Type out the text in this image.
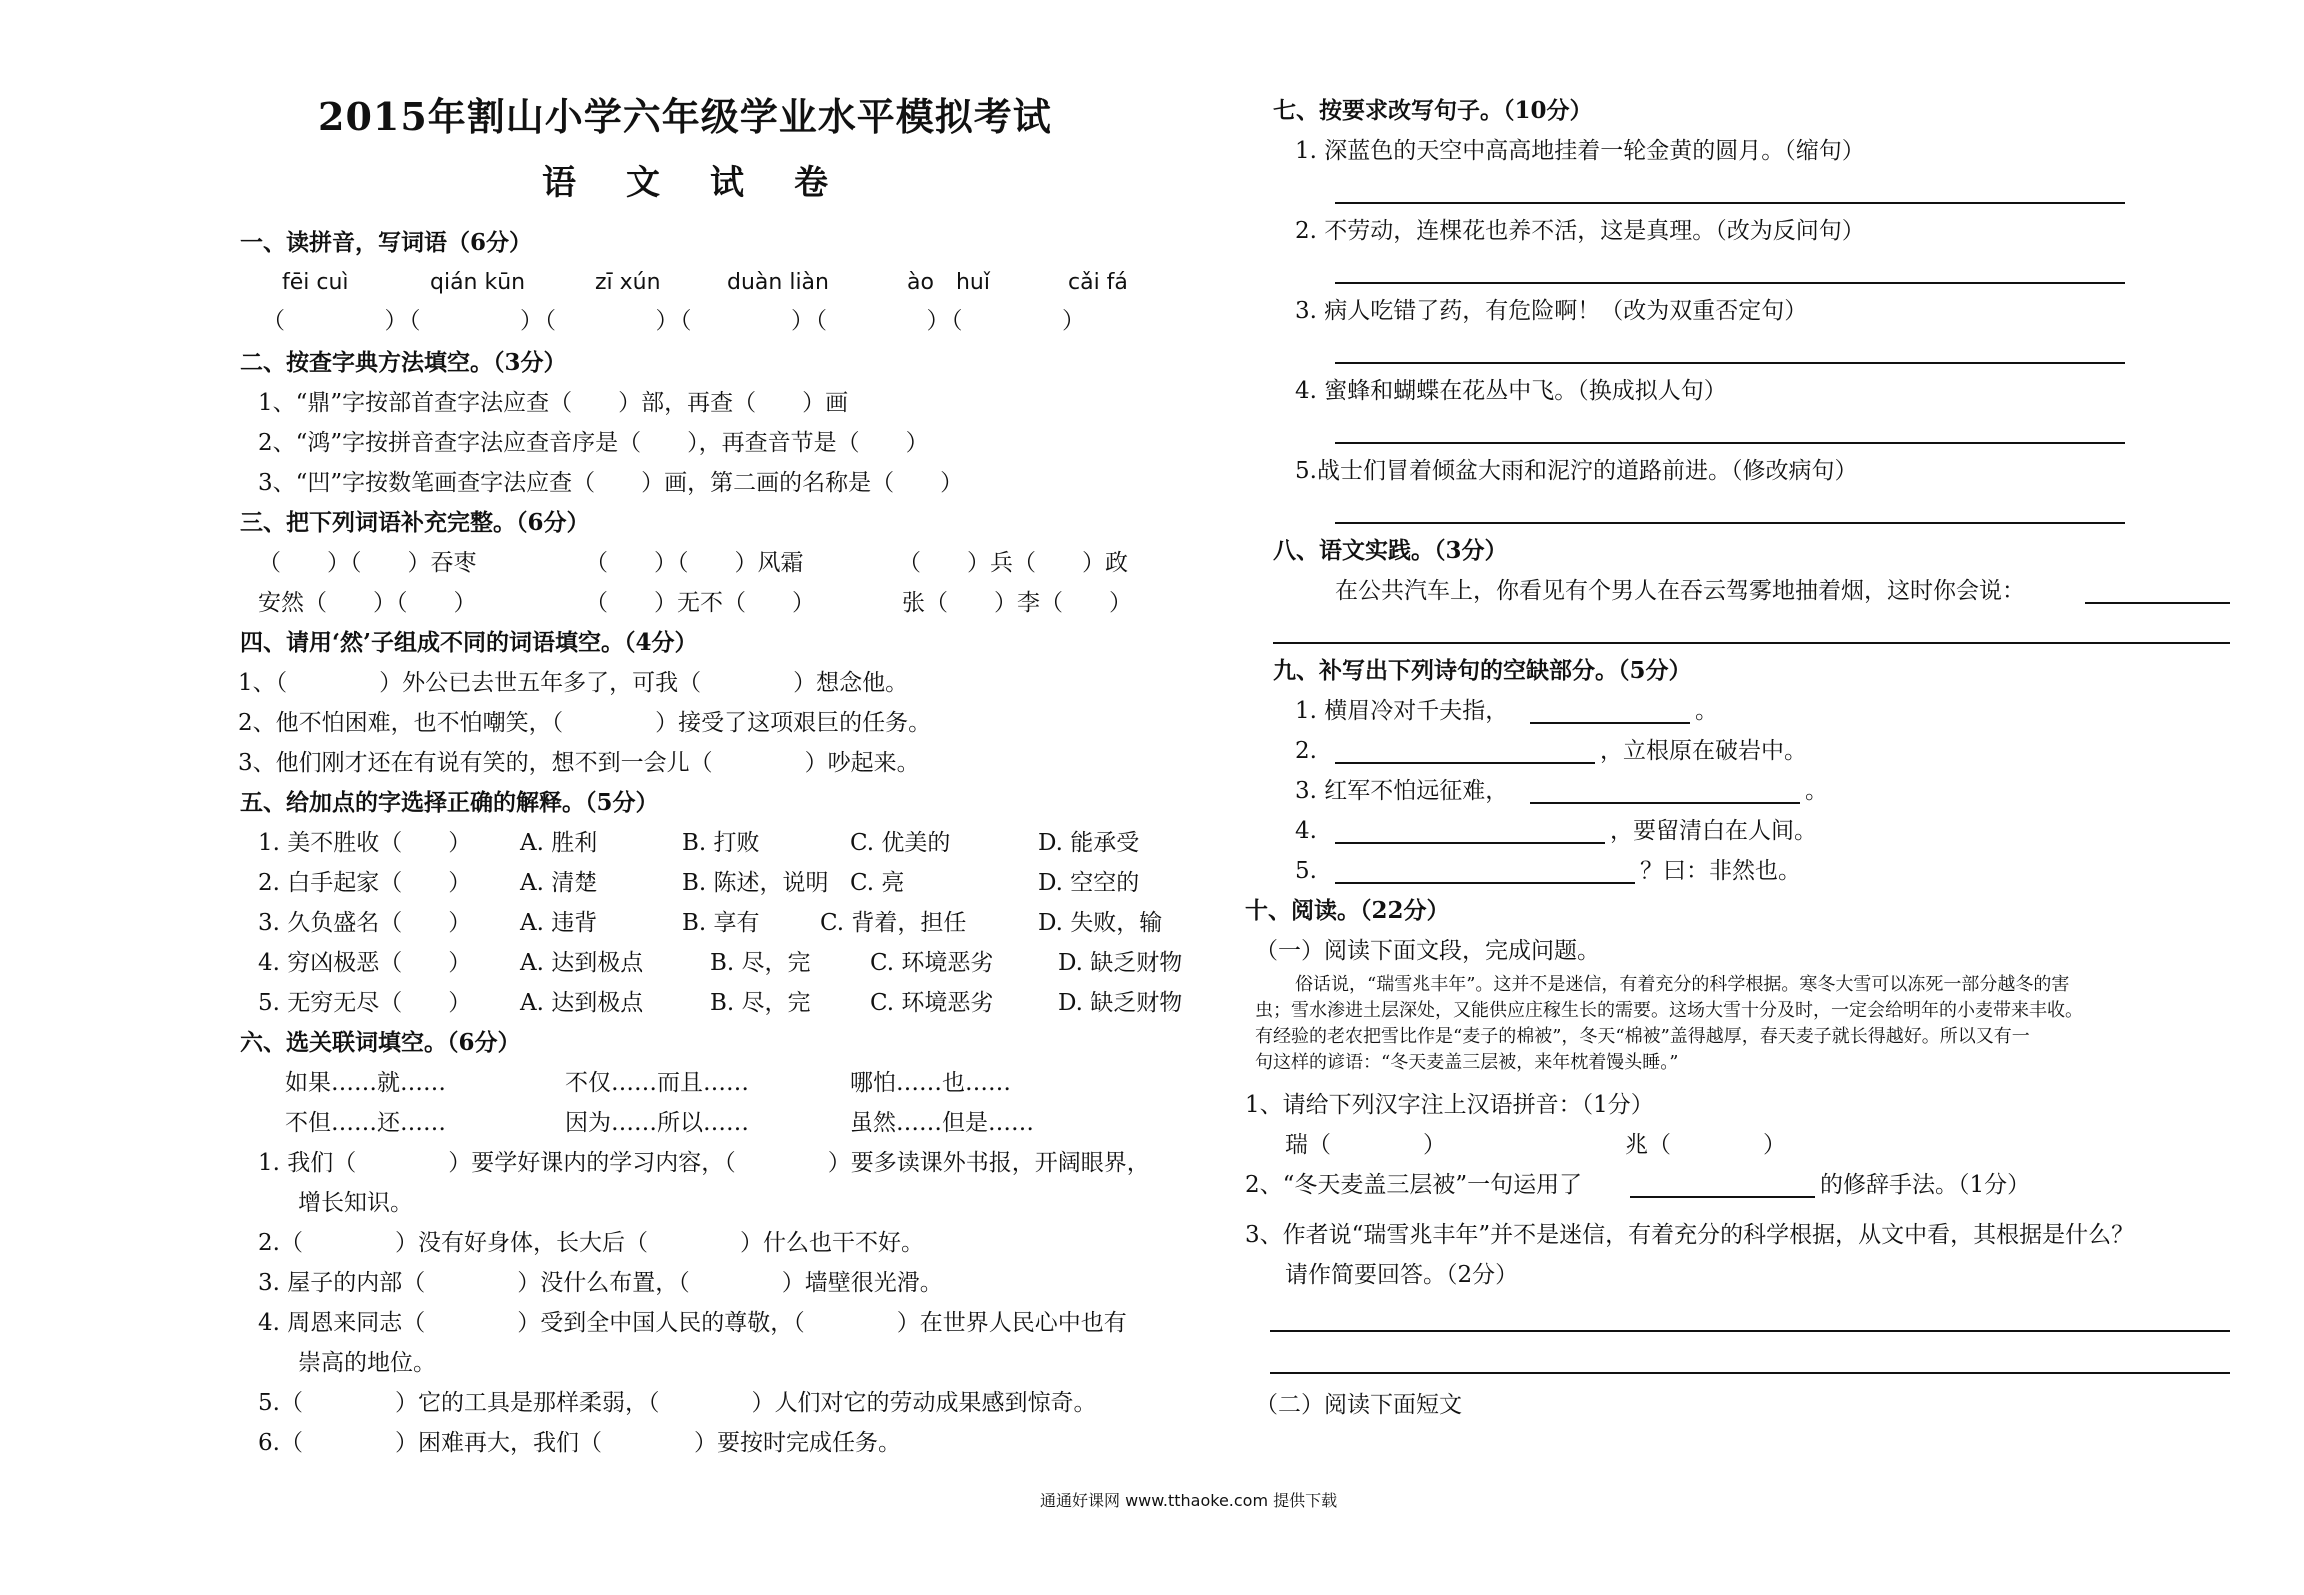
2015年割山小学六年级学业水平模拟考试
语文试卷
一、读拼音，写词语（6分）
fēi cuì	qián kūn	zī xún	duàn liàn	ào　huǐ	cǎi fá
（　　　　）（　　　　）（　　　　）（　　　　）（　　　　）（　　　　）
二、按查字典方法填空。（3分）
1、“鼎”字按部首查字法应查（　　）部，再查（　　）画
2、“鸿”字按拼音查字法应查音序是（　　），再查音节是（　　）
3、“凹”字按数笔画查字法应查（　　）画，第二画的名称是（　　）
三、把下列词语补充完整。（6分）
（　　）（　　）吞枣	（　　）（　　）风霜	（　　）兵（　　）政
安然（　　）（　　）	（　　）无不（　　）	张（　　）李（　　）
四、请用‘然’子组成不同的词语填空。（4分）
1、（　　　　）外公已去世五年多了，可我（　　　　）想念他。
2、他不怕困难，也不怕嘲笑，（　　　　）接受了这项艰巨的任务。
3、他们刚才还在有说有笑的，想不到一会儿（　　　　）吵起来。
五、给加点的字选择正确的解释。（5分）
1. 美不胜收（　　） A. 胜利	B. 打败	C. 优美的	D. 能承受
2. 白手起家（　　） A. 清楚	B. 陈述，说明 C. 亮	D. 空空的
3. 久负盛名（　　） A. 违背	B. 享有	C. 背着，担任	D. 失败，输
4. 穷凶极恶（　　） A. 达到极点	B. 尽，完	C. 环境恶劣	D. 缺乏财物
5. 无穷无尽（　　） A. 达到极点	B. 尽，完	C. 环境恶劣	D. 缺乏财物
六、选关联词填空。（6分）
如果……就……	不仅……而且……	哪怕……也……
不但……还……	因为……所以……	虽然……但是……
1. 我们（　　　　）要学好课内的学习内容，（　　　　）要多读课外书报，开阔眼界，
增长知识。
2.（　　　　）没有好身体，长大后（　　　　）什么也干不好。
3. 屋子的内部（　　　　）没什么布置，（　　　　）墙壁很光滑。
4. 周恩来同志（　　　　）受到全中国人民的尊敬，（　　　　）在世界人民心中也有
崇高的地位。
5.（　　　　）它的工具是那样柔弱，（　　　　）人们对它的劳动成果感到惊奇。
6.（　　　　）困难再大，我们（　　　　）要按时完成任务。
七、按要求改写句子。（10分）
1. 深蓝色的天空中高高地挂着一轮金黄的圆月。（缩句）
2. 不劳动，连棵花也养不活，这是真理。（改为反问句）
3. 病人吃错了药，有危险啊！（改为双重否定句）
4. 蜜蜂和蝴蝶在花丛中飞。（换成拟人句）
5.战士们冒着倾盆大雨和泥泞的道路前进。（修改病句）
八、语文实践。（3分）
在公共汽车上，你看见有个男人在吞云驾雾地抽着烟，这时你会说：
九、补写出下列诗句的空缺部分。（5分）
1. 横眉冷对千夫指，	。
2.	，立根原在破岩中。
3. 红军不怕远征难，	。
4.	，要留清白在人间。
5.	？曰：非然也。
十、阅读。（22分）
（一）阅读下面文段，完成问题。
俗话说，“瑞雪兆丰年”。这并不是迷信，有着充分的科学根据。寒冬大雪可以冻死一部分越冬的害
虫；雪水渗进土层深处，又能供应庄稼生长的需要。这场大雪十分及时，一定会给明年的小麦带来丰收。
有经验的老农把雪比作是“麦子的棉被”，冬天“棉被”盖得越厚，春天麦子就长得越好。所以又有一
句这样的谚语：“冬天麦盖三层被，来年枕着馒头睡。”
1、请给下列汉字注上汉语拼音：（1分）
瑞（　　　　）	兆（　　　　）
2、“冬天麦盖三层被”一句运用了	的修辞手法。（1分）
3、作者说“瑞雪兆丰年”并不是迷信，有着充分的科学根据，从文中看，其根据是什么？
请作简要回答。（2分）
（二）阅读下面短文
通通好课网 www.tthaoke.com 提供下载
